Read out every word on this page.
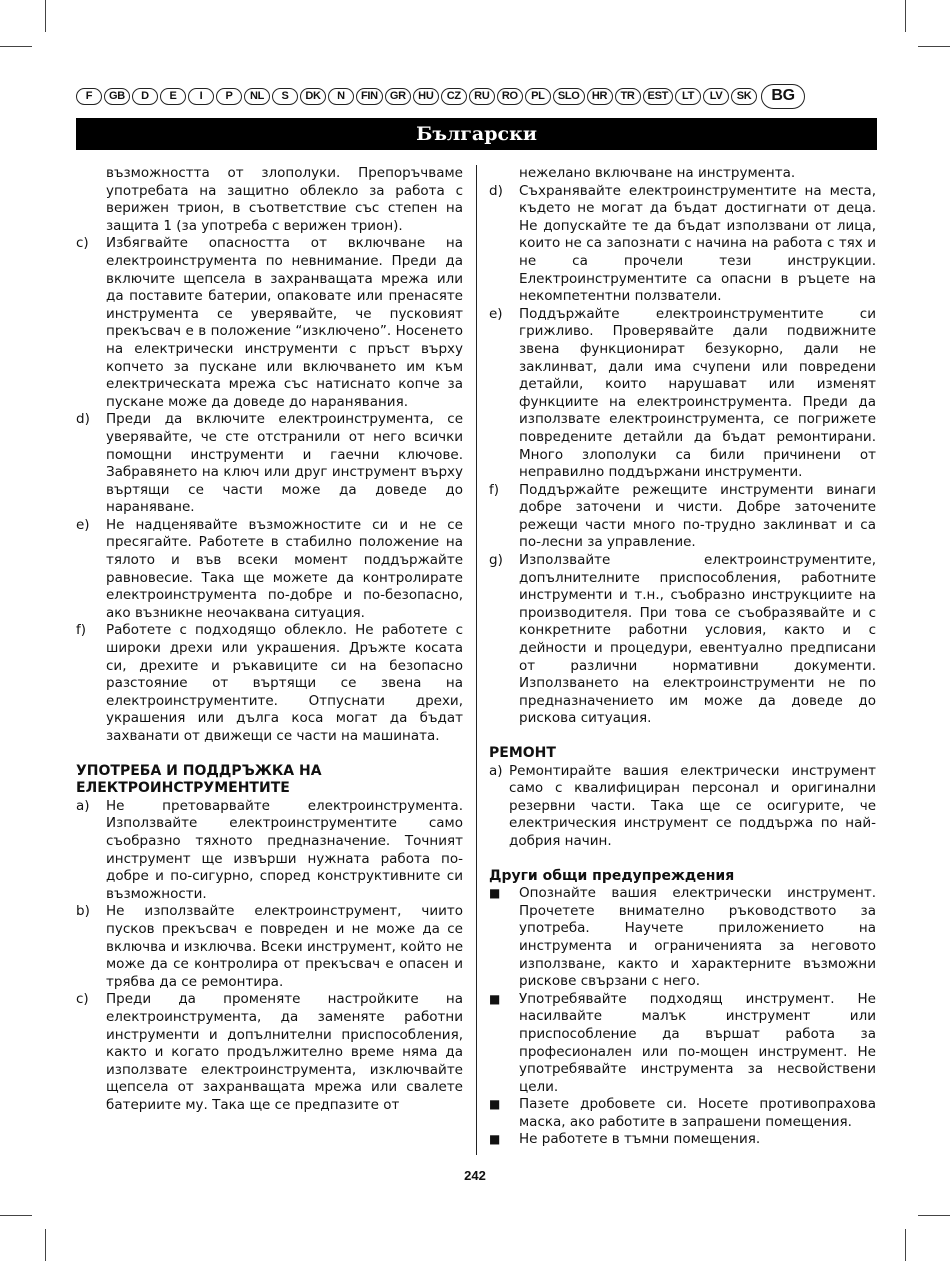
F	GB	D	E	I	P	NL	S	DK	N	FIN	GR	HU	CZ	RU	RO	PL	SLO	HR	TR	EST	LT	LV	SK	BG
Български
възможността от злополуки. Препоръчваме употребата на защитно облекло за работа с верижен трион, в съответствие със степен на защита 1 (за употреба с верижен трион).
c)	Избягвайте опасността от включване на електроинструмента по невнимание. Преди да включите щепсела в захранващата мрежа или да поставите батерии, опаковате или пренасяте инструмента се уверявайте, че пусковият прекъсвач е в положение “изключено”. Носенето на електрически инструменти с пръст върху копчето за пускане или включването им към електрическата мрежа със натиснато копче за пускане може да доведе до наранявания.
d)	Преди да включите електроинструмента, се уверявайте, че сте отстранили от него всички помощни инструменти и гаечни ключове. Забравянето на ключ или друг инструмент върху въртящи се части може да доведе до нараняване.
e)	Не надценявайте възможностите си и не се пресягайте. Работете в стабилно положение на тялото и във всеки момент поддържайте равновесие. Така ще можете да контролирате електроинструмента по-добре и по-безопасно, ако възникне неочаквана ситуация.
f)	Работете с подходящо облекло. Не работете с широки дрехи или украшения. Дръжте косата си, дрехите и ръкавиците си на безопасно разстояние от въртящи се звена на електроинструментите. Отпуснати дрехи, украшения или дълга коса могат да бъдат захванати от движещи се части на машината.
УПОТРЕБА И ПОДДРЪЖКА НА ЕЛЕКТРОИНСТРУМЕНТИТЕ
a)	Не претоварвайте електроинструмента. Използвайте електроинструментите само съобразно тяхното предназначение. Точният инструмент ще извърши нужната работа по-добре и по-сигурно, според конструктивните си възможности.
b)	Не използвайте електроинструмент, чиито пусков прекъсвач е повреден и не може да се включва и изключва. Всеки инструмент, който не може да се контролира от прекъсвач е опасен и трябва да се ремонтира.
c)	Преди да променяте настройките на електроинструмента, да заменяте работни инструменти и допълнителни приспособления, както и когато продължително време няма да използвате електроинструмента, изключвайте щепсела от захранващата мрежа или свалете батериите му. Така ще се предпазите от
нежелано включване на инструмента.
d)	Съхранявайте електроинструментите на места, където не могат да бъдат достигнати от деца. Не допускайте те да бъдат използвани от лица, които не са запознати с начина на работа с тях и не са прочели тези инструкции. Електроинструментите са опасни в ръцете на некомпетентни ползватели.
e)	Поддържайте електроинструментите си грижливо. Проверявайте дали подвижните звена функционират безукорно, дали не заклинват, дали има счупени или повредени детайли, които нарушават или изменят функциите на електроинструмента. Преди да използвате електроинструмента, се погрижете повредените детайли да бъдат ремонтирани. Много злополуки са били причинени от неправилно поддържани инструменти.
f)	Поддържайте режещите инструменти винаги добре заточени и чисти. Добре заточените режещи части много по-трудно заклинват и са по-лесни за управление.
g)	Използвайте електроинструментите, допълнителните приспособления, работните инструменти и т.н., съобразно инструкциите на производителя. При това се съобразявайте и с конкретните работни условия, както и с дейности и процедури, евентуално предписани от различни нормативни документи. Използването на електроинструменти не по предназначението им може да доведе до рискова ситуация.
РЕМОНТ
a) Ремонтирайте вашия електрически инструмент само с квалифициран персонал и оригинални резервни части. Така ще се осигурите, че електрическия инструмент се поддържа по най-добрия начин.
Други общи предупреждения
■	Опознайте вашия електрически инструмент. Прочетете внимателно ръководството за употреба. Научете приложението на инструмента и ограниченията за неговото използване, както и характерните възможни рискове свързани с него.
■	Употребявайте подходящ инструмент. Не насилвайте малък инструмент или приспособление да вършат работа за професионален или по-мощен инструмент. Не употребявайте инструмента за несвойствени цели.
■	Пазете дробовете си. Носете противопрахова маска, ако работите в запрашени помещения.
■	Не работете в тъмни помещения.
242
